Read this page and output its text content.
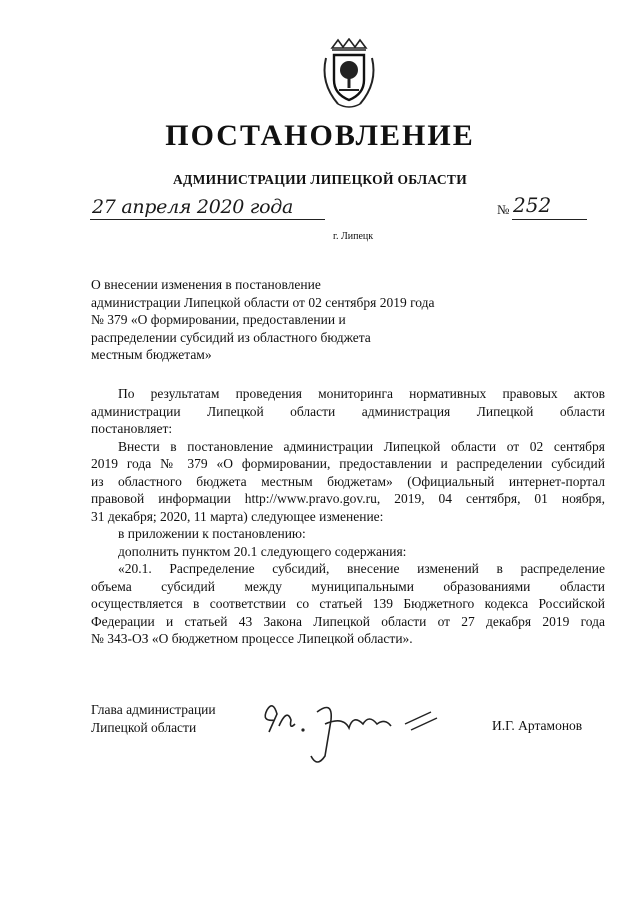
ПОСТАНОВЛЕНИЕ
АДМИНИСТРАЦИИ ЛИПЕЦКОЙ ОБЛАСТИ
27 апреля 2020 года	№ 252
г. Липецк
О внесении изменения в постановление
администрации Липецкой области от 02 сентября 2019 года
№ 379 «О формировании, предоставлении и
распределении субсидий из областного бюджета
местным бюджетам»
По результатам проведения мониторинга нормативных правовых актов
администрации Липецкой области администрация Липецкой области
постановляет:
Внести в постановление администрации Липецкой области от 02 сентября
2019 года № 379 «О формировании, предоставлении и распределении субсидий
из областного бюджета местным бюджетам» (Официальный интернет-портал
правовой информации http://www.pravo.gov.ru, 2019, 04 сентября, 01 ноября,
31 декабря; 2020, 11 марта) следующее изменение:
в приложении к постановлению:
дополнить пунктом 20.1 следующего содержания:
«20.1. Распределение субсидий, внесение изменений в распределение
объема субсидий между муниципальными образованиями области
осуществляется в соответствии со статьей 139 Бюджетного кодекса Российской
Федерации и статьей 43 Закона Липецкой области от 27 декабря 2019 года
№ 343-ОЗ «О бюджетном процессе Липецкой области».
Глава администрации
Липецкой области	И.Г. Артамонов
